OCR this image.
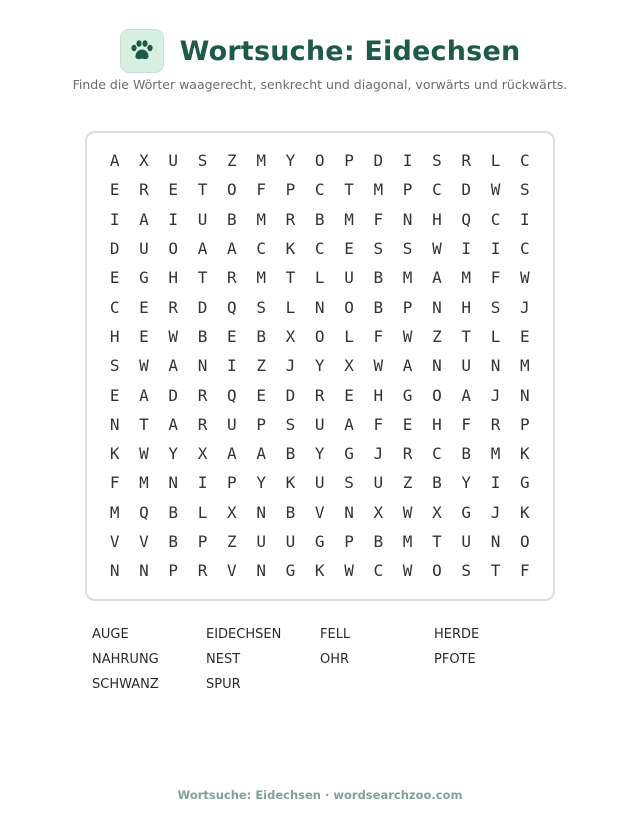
Wortsuche: Eidechsen
Finde die Wörter waagerecht, senkrecht und diagonal, vorwärts und rückwärts.
A	X	U	S	Z	M	Y	O	P	D	I	S	R	L	C
E	R	E	T	O	F	P	C	T	M	P	C	D	W	S
I	A	I	U	B	M	R	B	M	F	N	H	Q	C	I
D	U	O	A	A	C	K	C	E	S	S	W	I	I	C
E	G	H	T	R	M	T	L	U	B	M	A	M	F	W
C	E	R	D	Q	S	L	N	O	B	P	N	H	S	J
H	E	W	B	E	B	X	O	L	F	W	Z	T	L	E
S	W	A	N	I	Z	J	Y	X	W	A	N	U	N	M
E	A	D	R	Q	E	D	R	E	H	G	O	A	J	N
N	T	A	R	U	P	S	U	A	F	E	H	F	R	P
K	W	Y	X	A	A	B	Y	G	J	R	C	B	M	K
F	M	N	I	P	Y	K	U	S	U	Z	B	Y	I	G
M	Q	B	L	X	N	B	V	N	X	W	X	G	J	K
V	V	B	P	Z	U	U	G	P	B	M	T	U	N	O
N	N	P	R	V	N	G	K	W	C	W	O	S	T	F
AUGE	EIDECHSEN	FELL	HERDE
NAHRUNG	NEST	OHR	PFOTE
SCHWANZ	SPUR
Wortsuche: Eidechsen · wordsearchzoo.com
